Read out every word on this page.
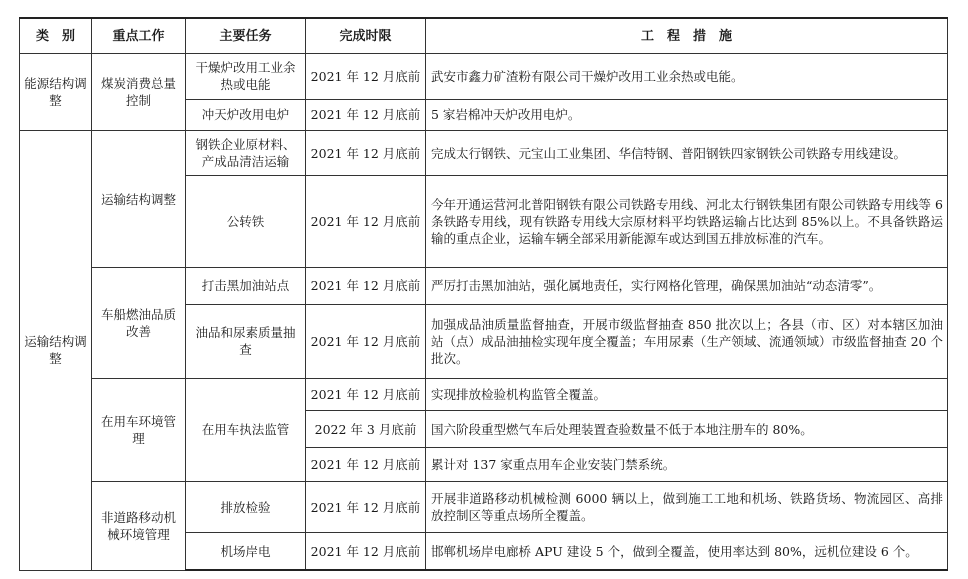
类　别	重点工作	主要任务	完成时限	工　程　措　施
能源结构调整	煤炭消费总量控制	干燥炉改用工业余热或电能	2021 年 12 月底前	武安市鑫力矿渣粉有限公司干燥炉改用工业余热或电能。
		冲天炉改用电炉	2021 年 12 月底前	5 家岩棉冲天炉改用电炉。
运输结构调整	运输结构调整	钢铁企业原材料、产成品清洁运输	2021 年 12 月底前	完成太行钢铁、元宝山工业集团、华信特钢、普阳钢铁四家钢铁公司铁路专用线建设。
		公转铁	2021 年 12 月底前	今年开通运营河北普阳钢铁有限公司铁路专用线、河北太行钢铁集团有限公司铁路专用线等 6 条铁路专用线，现有铁路专用线大宗原材料平均铁路运输占比达到 85%以上。不具备铁路运输的重点企业，运输车辆全部采用新能源车或达到国五排放标准的汽车。
	车船燃油品质改善	打击黑加油站点	2021 年 12 月底前	严厉打击黑加油站，强化属地责任，实行网格化管理，确保黑加油站“动态清零”。
		油品和尿素质量抽查	2021 年 12 月底前	加强成品油质量监督抽查，开展市级监督抽查 850 批次以上；各县（市、区）对本辖区加油站（点）成品油抽检实现年度全覆盖；车用尿素（生产领域、流通领域）市级监督抽查 20 个批次。
	在用车环境管理	在用车执法监管	2021 年 12 月底前	实现排放检验机构监管全覆盖。
			2022 年 3 月底前	国六阶段重型燃气车后处理装置查验数量不低于本地注册车的 80%。
			2021 年 12 月底前	累计对 137 家重点用车企业安装门禁系统。
	非道路移动机械环境管理	排放检验	2021 年 12 月底前	开展非道路移动机械检测 6000 辆以上，做到施工工地和机场、铁路货场、物流园区、高排放控制区等重点场所全覆盖。
		机场岸电	2021 年 12 月底前	邯郸机场岸电廊桥 APU 建设 5 个，做到全覆盖，使用率达到 80%，远机位建设 6 个。
